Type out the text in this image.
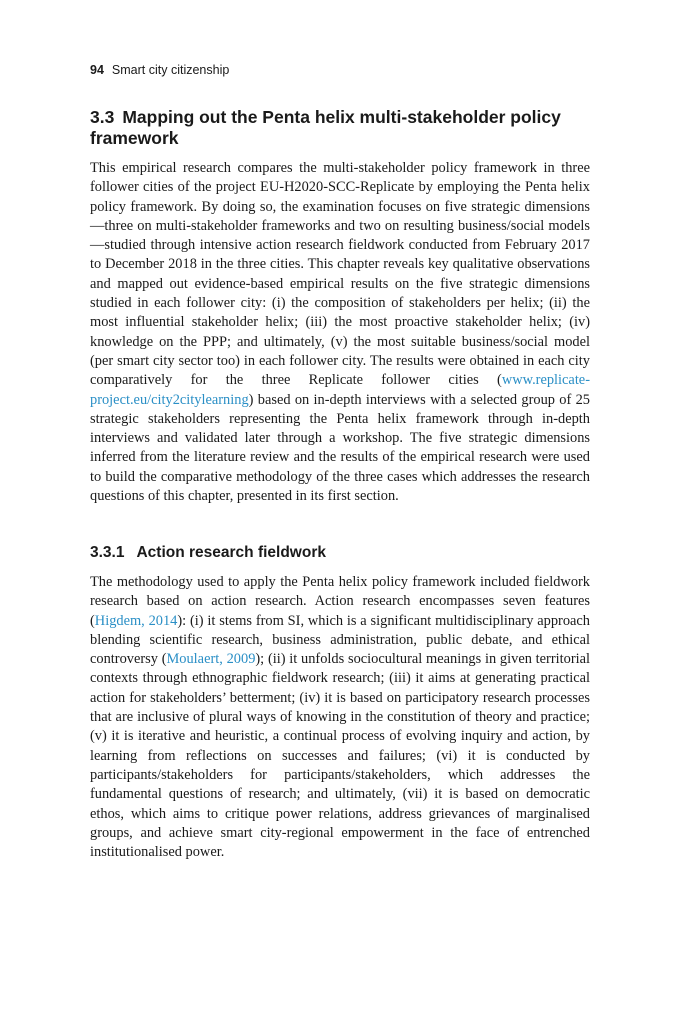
94 Smart city citizenship
3.3 Mapping out the Penta helix multi-stakeholder policy framework
This empirical research compares the multi-stakeholder policy framework in three follower cities of the project EU-H2020-SCC-Replicate by employing the Penta helix policy framework. By doing so, the examination focuses on five strategic dimensions—three on multi-stakeholder frameworks and two on resulting business/social models—studied through intensive action research fieldwork conducted from February 2017 to December 2018 in the three cities. This chapter reveals key qualitative observations and mapped out evidence-based empirical results on the five strategic dimensions studied in each follower city: (i) the composition of stakeholders per helix; (ii) the most influential stakeholder helix; (iii) the most proactive stakeholder helix; (iv) knowledge on the PPP; and ultimately, (v) the most suitable business/social model (per smart city sector too) in each follower city. The results were obtained in each city comparatively for the three Replicate follower cities (www.replicate-project.eu/city2citylearning) based on in-depth interviews with a selected group of 25 strategic stakeholders representing the Penta helix framework through in-depth interviews and validated later through a workshop. The five strategic dimensions inferred from the literature review and the results of the empirical research were used to build the comparative methodology of the three cases which addresses the research questions of this chapter, presented in its first section.
3.3.1 Action research fieldwork
The methodology used to apply the Penta helix policy framework included fieldwork research based on action research. Action research encompasses seven features (Higdem, 2014): (i) it stems from SI, which is a significant multidisciplinary approach blending scientific research, business administration, public debate, and ethical controversy (Moulaert, 2009); (ii) it unfolds sociocultural meanings in given territorial contexts through ethnographic fieldwork research; (iii) it aims at generating practical action for stakeholders’ betterment; (iv) it is based on participatory research processes that are inclusive of plural ways of knowing in the constitution of theory and practice; (v) it is iterative and heuristic, a continual process of evolving inquiry and action, by learning from reflections on successes and failures; (vi) it is conducted by participants/stakeholders for participants/stakeholders, which addresses the fundamental questions of research; and ultimately, (vii) it is based on democratic ethos, which aims to critique power relations, address grievances of marginalised groups, and achieve smart city-regional empowerment in the face of entrenched institutionalised power.
